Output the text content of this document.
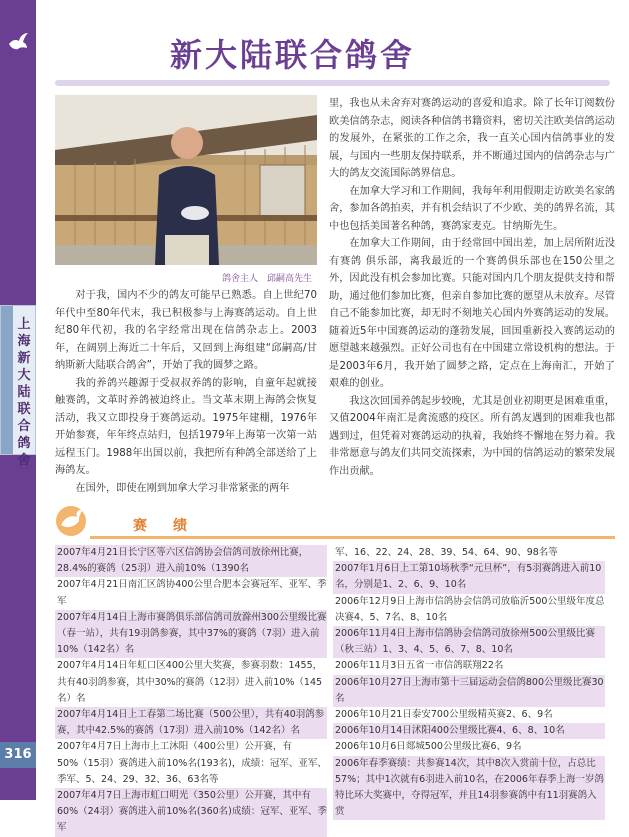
上海新大陆联合鸽舍
316
新大陆联合鸽舍
鸽舍主人　邱嗣高先生

对于我，国内不少的鸽友可能早已熟悉。自上世纪70年代中至80年代末，我已积极参与上海赛鸽运动。自上世纪80年代初，我的名字经常出现在信鸽杂志上。2003年，在阔别上海近二十年后，又回到上海组建“邱嗣高/甘纳斯新大陆联合鸽舍”，开始了我的圆梦之路。

我的养鸽兴趣源于受叔叔养鸽的影响，自童年起就接触赛鸽，文革时养鸽被迫终止。当文革末期上海鸽会恢复活动，我又立即投身于赛鸽运动。1975年建棚，1976年开始参赛，年年终点站归，包括1979年上海第一次第一站远程玉门。1988年出国以前，我把所有种鸽全部送给了上海鸽友。

在国外，即使在刚到加拿大学习非常紧张的两年

里，我也从未舍弃对赛鸽运动的喜爱和追求。除了长年订阅数份欧美信鸽杂志，阅读各种信鸽书籍资料，密切关注欧美信鸽运动的发展外，在紧张的工作之余，我一直关心国内信鸽事业的发展，与国内一些朋友保持联系，并不断通过国内的信鸽杂志与广大的鸽友交流国际鸽界信息。

在加拿大学习和工作期间，我每年利用假期走访欧美名家鸽舍，参加各鸽拍卖，并有机会结识了不少欧、美的鸽界名流，其中也包括美国著名种鸽，赛鸽家麦克。甘纳斯先生。

在加拿大工作期间，由于经常回中国出差，加上居所附近没有赛鸽 俱乐部，离我最近的一个赛鸽俱乐部也在150公里之外，因此没有机会参加比赛。只能对国内几个朋友提供支持和帮助，通过他们参加比赛，但亲自参加比赛的愿望从未放弃。尽管自己不能参加比赛，却无时不刻地关心国内外赛鸽运动的发展。随着近5年中国赛鸽运动的蓬勃发展，回国重新投入赛鸽运动的愿望越来越强烈。正好公司也有在中国建立常设机构的想法。于是2003年6月，我开始了圆梦之路，定点在上海南汇，开始了艰难的创业。

我这次回国养鸽起步较晚，尤其是创业初期更是困难重重，又值2004年南汇是禽流感的疫区。所有鸽友遇到的困难我也都遇到过，但凭着对赛鸽运动的执着，我始终不懈地在努力着。我非常愿意与鸽友们共同交流探索，为中国的信鸽运动的繁荣发展作出贡献。

赛　绩
2007年4月21日长宁区等六区信鸽协会信鸽司放徐州比赛，28.4%的赛鸽（25羽）进入前10%（1390名
2007年4月21日南汇区鸽协400公里合肥本会赛冠军、亚军、季军
2007年4月14日上海市赛鸽俱乐部信鸽司放滁州300公里级比赛（春一站），共有19羽鸽参赛，其中37%的赛鸽（7羽）进入前10%（142名）名
2007年4月14日年虹口区400公里大奖赛，参赛羽数：1455，共有40羽鸽参赛，其中30%的赛鸽（12羽）进入前10%（145名）名
2007年4月14日上工春第二场比赛（500公里），共有40羽鸽参赛，其中42.5%的赛鸽（17羽）进入前10%（142名）名
2007年4月7日上海市上工沐阳（400公里）公开赛，有50%（15羽）赛鸽进入前10%名(193名)，成绩：冠军、亚军、季军、5、24、29、32、36、63名等
2007年4月7日上海市虹口明光（350公里）公开赛，其中有60%（24羽）赛鸽进入前10%名(360名)成绩：冠军、亚军、季军
军、16、22、24、28、39、54、64、90、98名等
2007年1月6日上工第10场秋季“元旦杯”，有5羽赛鸽进入前10名，分别是1、2、6、9、10名
2006年12月9日上海市信鸽协会信鸽司放临沂500公里级年度总决赛4、5、7名、8、10名
2006年11月4日上海市信鸽协会信鸽司放徐州500公里级比赛（秋三站）1、3、4、5、6、7、8、10名
2006年11月3日五省一市信鸽联翔22名
2006年10月27日上海市第十三届运动会信鸽800公里级比赛30名
2006年10月21日泰安700公里级精英赛2、6、9名
2006年10月14日沭阳400公里级比赛4、6、8、10名
2006年10月6日郯城500公里级比赛6、9名
2006年春季赛绩：共参赛14次，其中8次入赏前十位，占总比57%；其中1次就有6羽进入前10名，在2006年春季上海一岁鸽特比环大奖赛中，夺得冠军，并且14羽参赛鸽中有11羽赛鸽入赏
